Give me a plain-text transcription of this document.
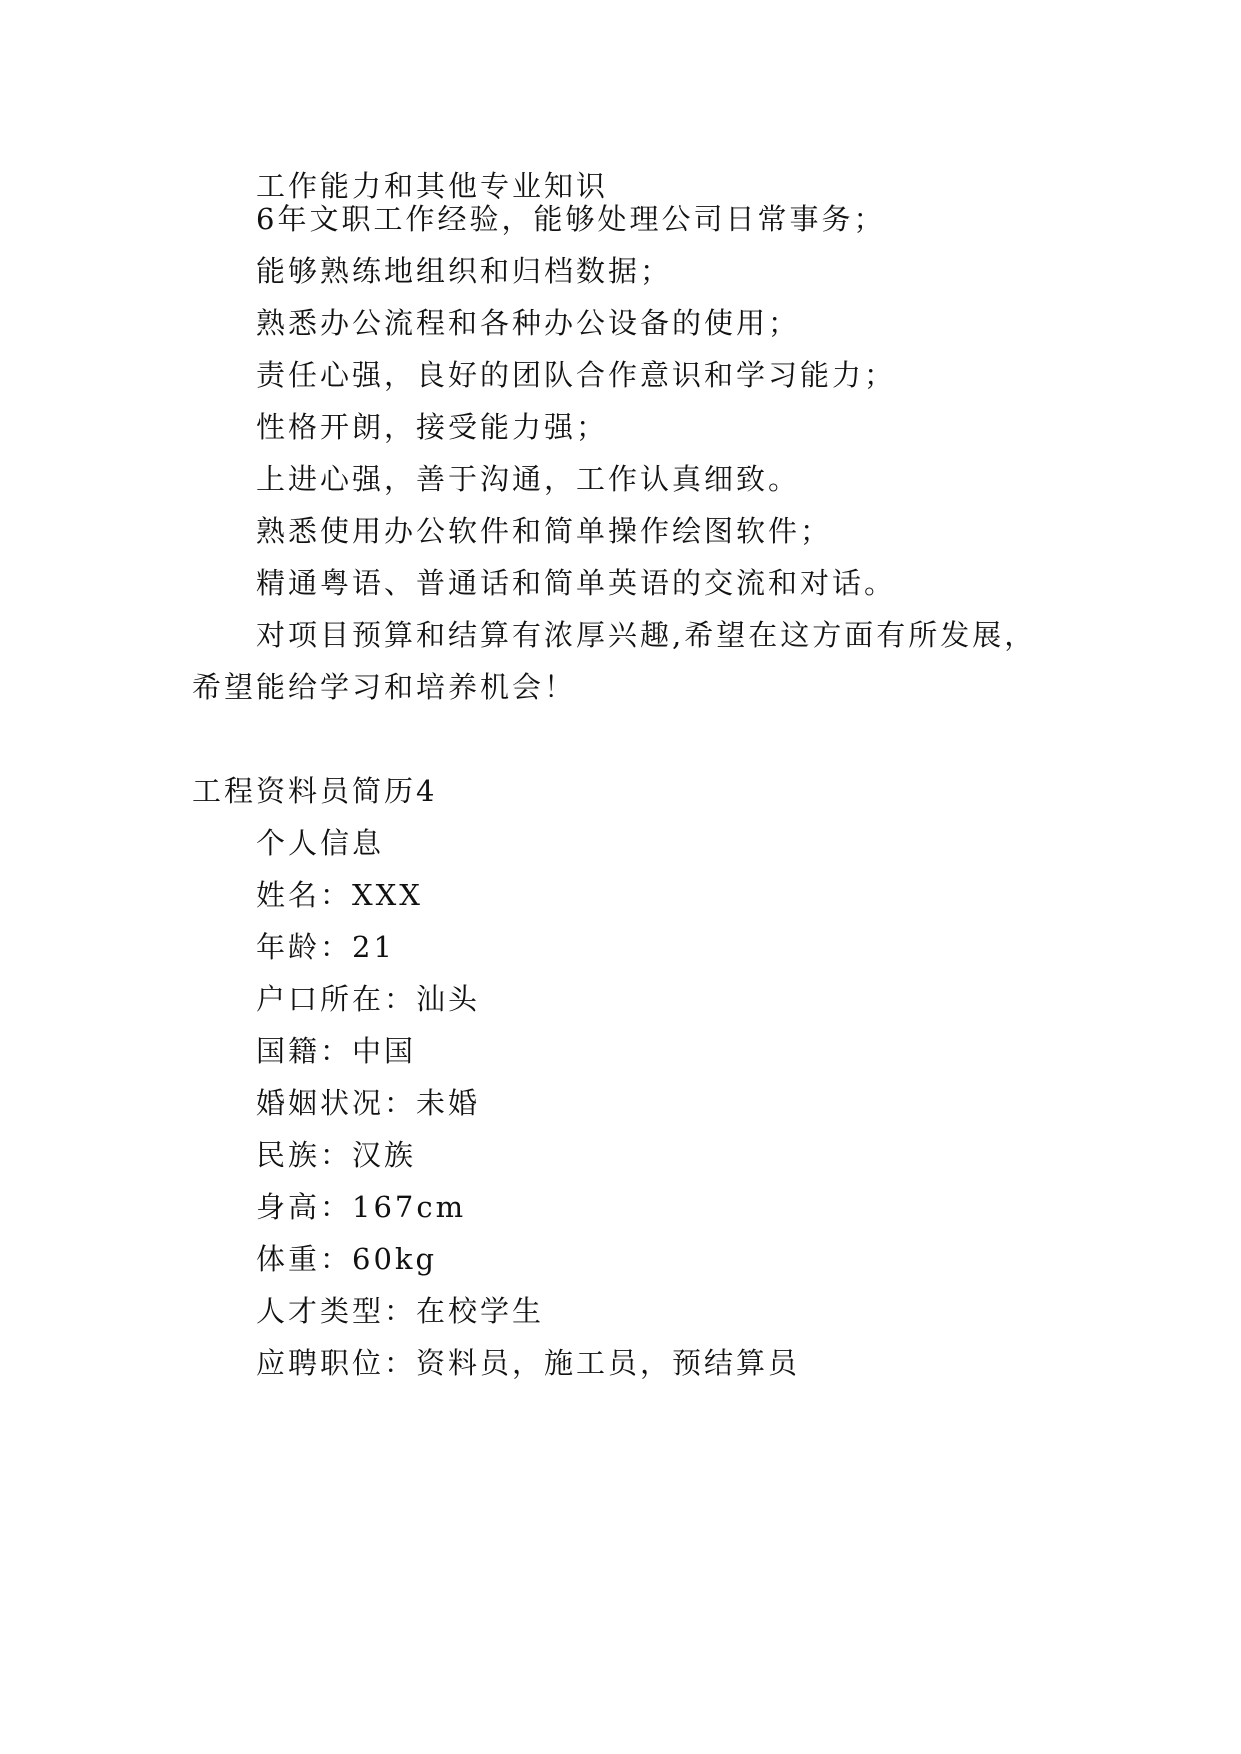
工作能力和其他专业知识
6年文职工作经验，能够处理公司日常事务；
能够熟练地组织和归档数据；
熟悉办公流程和各种办公设备的使用；
责任心强，良好的团队合作意识和学习能力；
性格开朗，接受能力强；
上进心强，善于沟通，工作认真细致。
熟悉使用办公软件和简单操作绘图软件；
精通粤语、普通话和简单英语的交流和对话。
对项目预算和结算有浓厚兴趣,希望在这方面有所发展，
希望能给学习和培养机会！
工程资料员简历4
个人信息
姓名：XXX
年龄：21
户口所在：汕头
国籍：中国
婚姻状况：未婚
民族：汉族
身高：167cm
体重：60kg
人才类型：在校学生
应聘职位：资料员，施工员，预结算员
